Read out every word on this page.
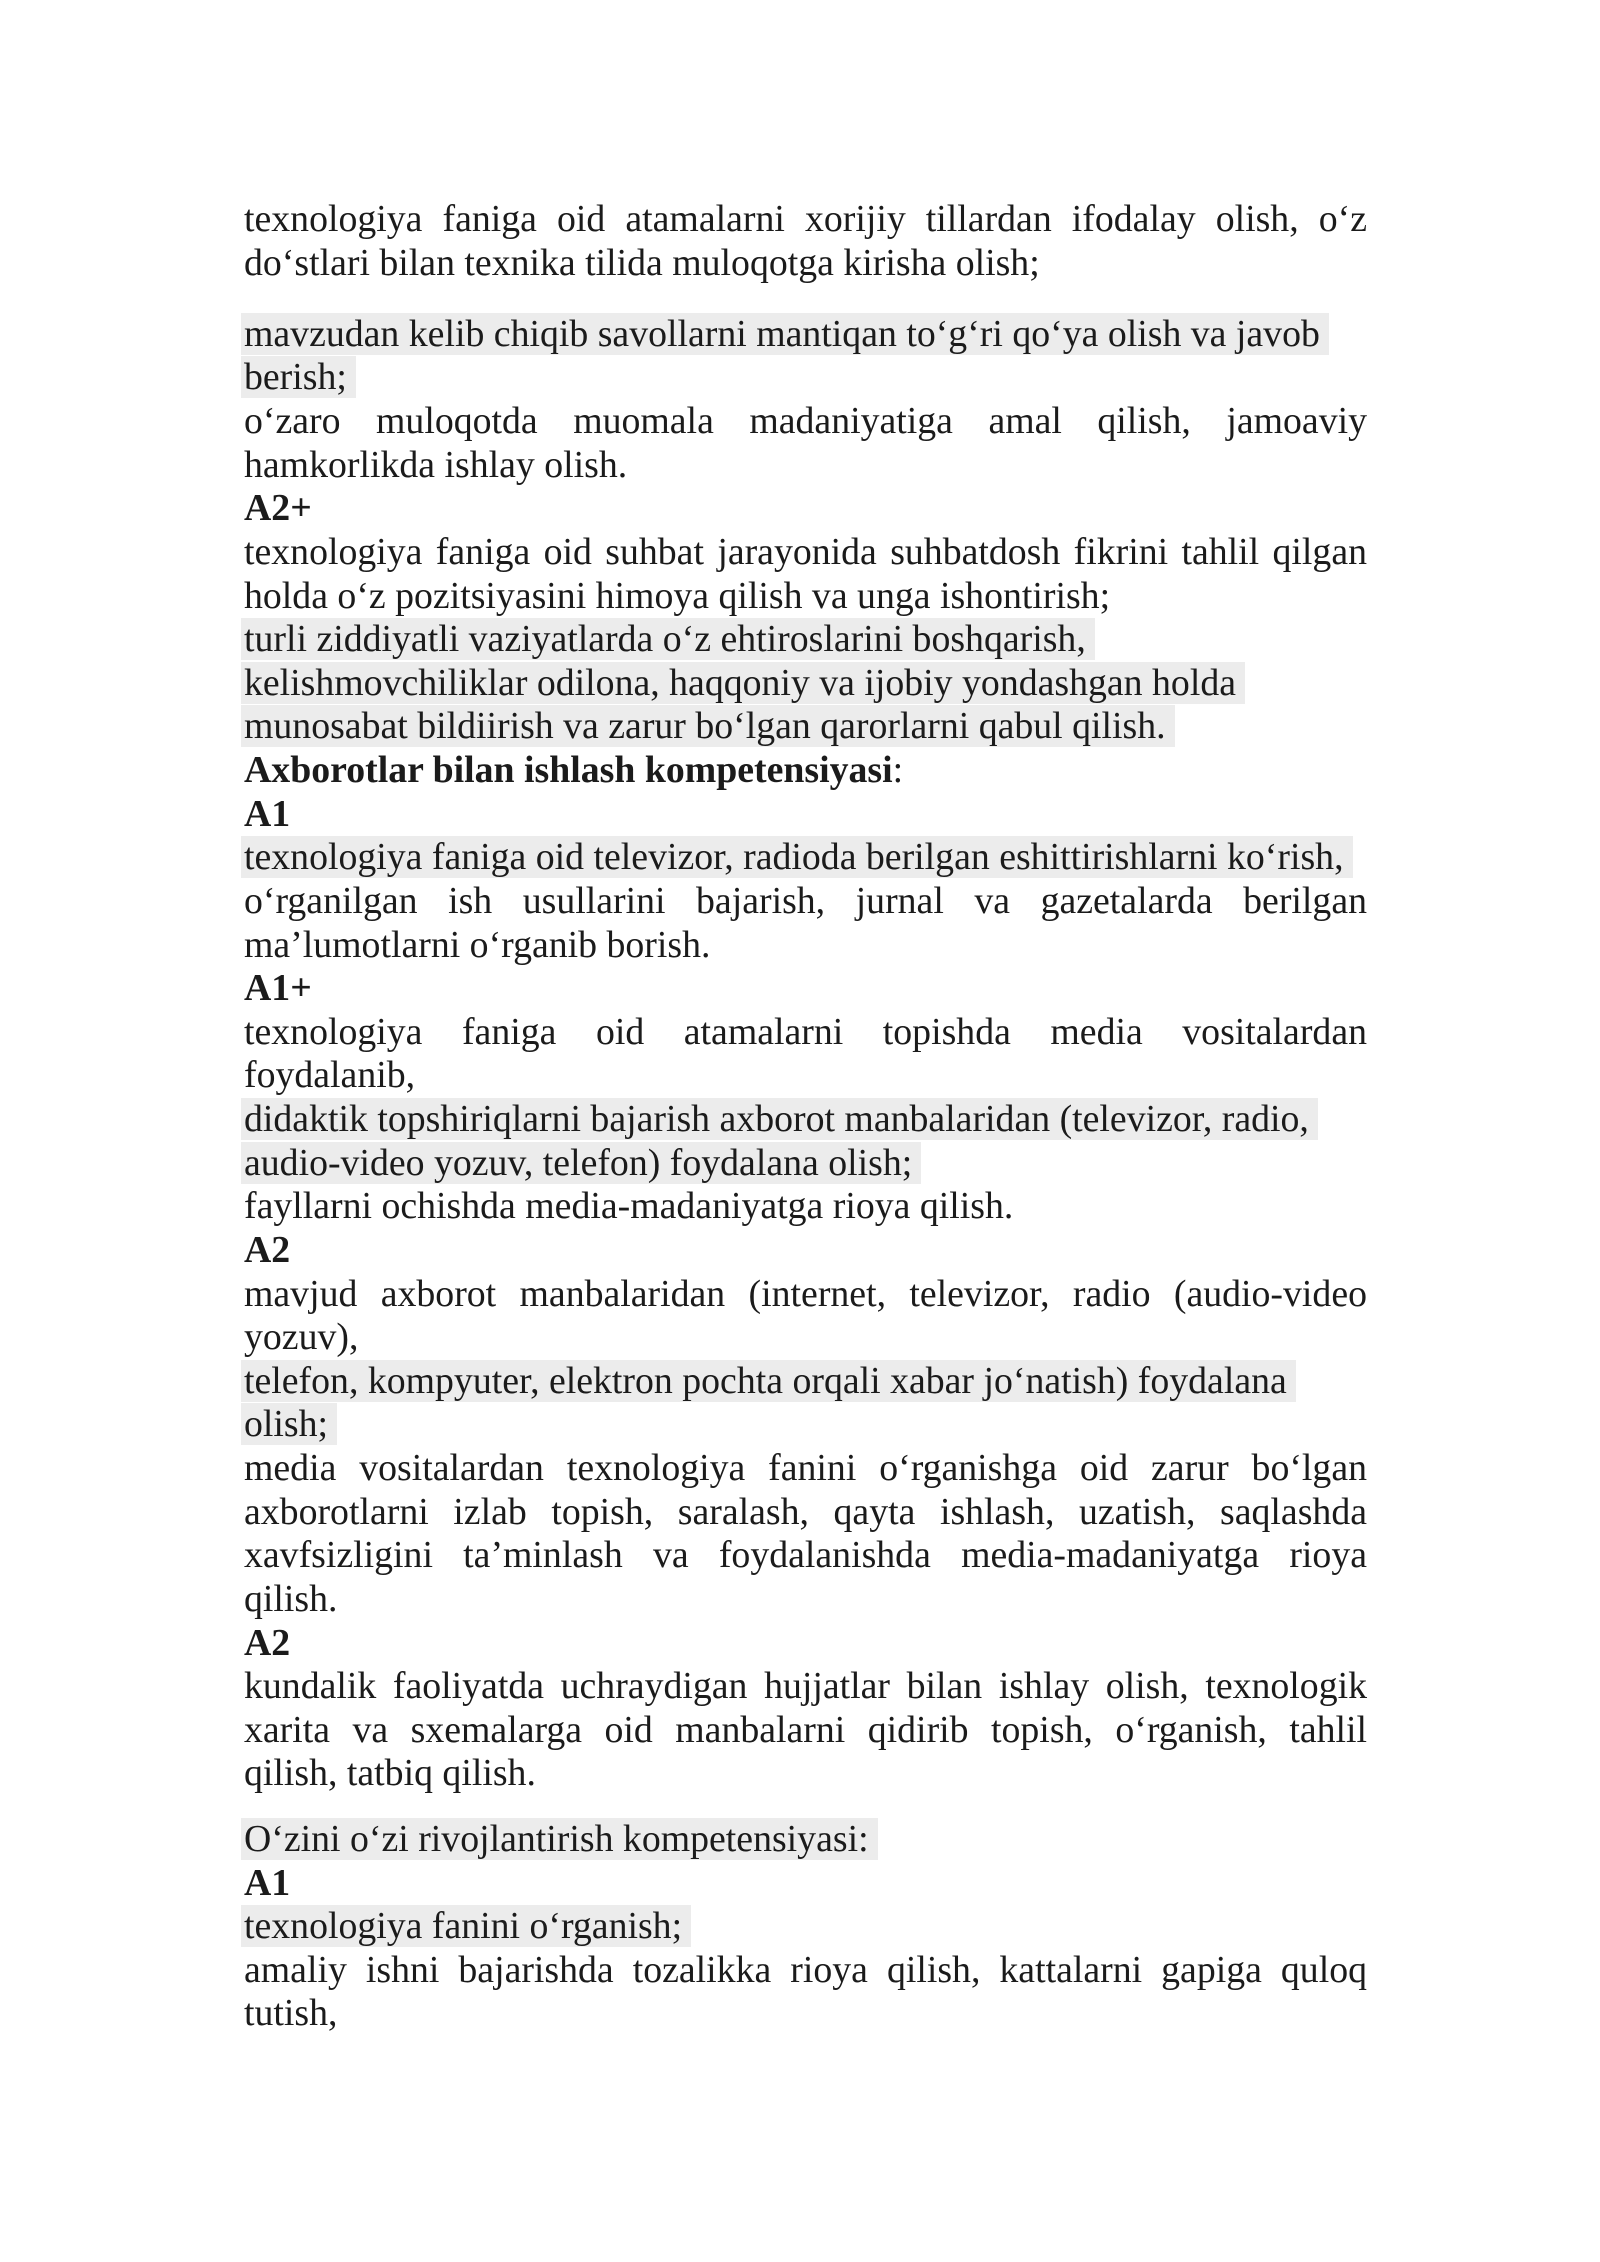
texnologiya faniga oid atamalarni xorijiy tillardan ifodalay olish, o‘z
do‘stlari bilan texnika tilida muloqotga kirisha olish;
mavzudan kelib chiqib savollarni mantiqan to‘g‘ri qo‘ya olish va javob
berish;
o‘zaro muloqotda muomala madaniyatiga amal qilish, jamoaviy
hamkorlikda ishlay olish.
A2+
texnologiya faniga oid suhbat jarayonida suhbatdosh fikrini tahlil qilgan
holda o‘z pozitsiyasini himoya qilish va unga ishontirish;
turli ziddiyatli vaziyatlarda o‘z ehtiroslarini boshqarish,
kelishmovchiliklar odilona, haqqoniy va ijobiy yondashgan holda
munosabat bildiirish va zarur bo‘lgan qarorlarni qabul qilish.
Axborotlar bilan ishlash kompetensiyasi:
A1
texnologiya faniga oid televizor, radioda berilgan eshittirishlarni ko‘rish,
o‘rganilgan ish usullarini bajarish, jurnal va gazetalarda berilgan
ma’lumotlarni o‘rganib borish.
A1+
texnologiya faniga oid atamalarni topishda media vositalardan
foydalanib,
didaktik topshiriqlarni bajarish axborot manbalaridan (televizor, radio,
audio-video yozuv, telefon) foydalana olish;
fayllarni ochishda media-madaniyatga rioya qilish.
A2
mavjud axborot manbalaridan (internet, televizor, radio (audio-video
yozuv),
telefon, kompyuter, elektron pochta orqali xabar jo‘natish) foydalana
olish;
media vositalardan texnologiya fanini o‘rganishga oid zarur bo‘lgan
axborotlarni izlab topish, saralash, qayta ishlash, uzatish, saqlashda
xavfsizligini ta’minlash va foydalanishda media-madaniyatga rioya
qilish.
A2
kundalik faoliyatda uchraydigan hujjatlar bilan ishlay olish, texnologik
xarita va sxemalarga oid manbalarni qidirib topish, o‘rganish, tahlil
qilish, tatbiq qilish.
O‘zini o‘zi rivojlantirish kompetensiyasi:
A1
texnologiya fanini o‘rganish;
amaliy ishni bajarishda tozalikka rioya qilish, kattalarni gapiga quloq
tutish,
